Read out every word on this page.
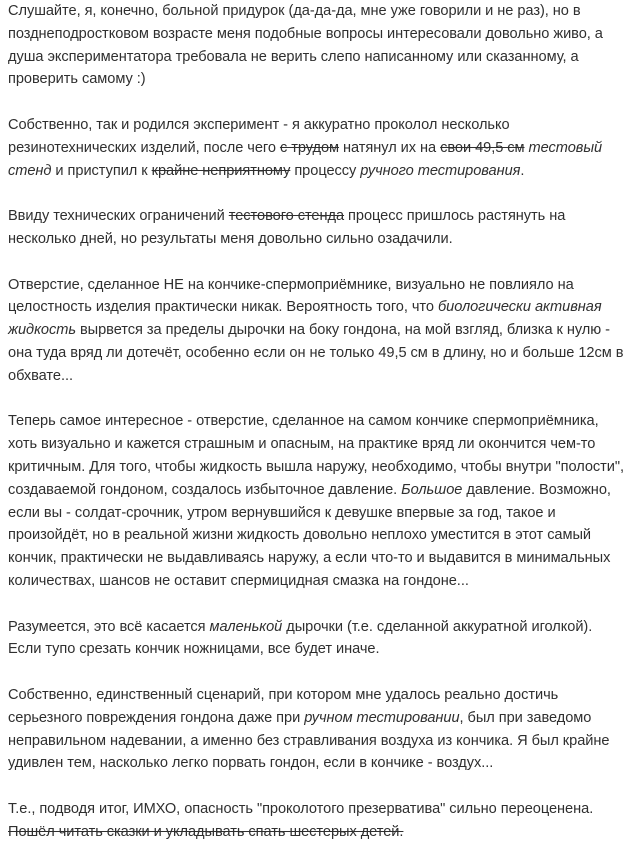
Слушайте, я, конечно, больной придурок (да-да-да, мне уже говорили и не раз), но в позднеподростковом возрасте меня подобные вопросы интересовали довольно живо, а душа экспериментатора требовала не верить слепо написанному или сказанному, а проверить самому :)

Собственно, так и родился эксперимент - я аккуратно проколол несколько резинотехнических изделий, после чего с трудом натянул их на свои 49,5 см тестовый стенд и приступил к крайне неприятному процессу ручного тестирования.

Ввиду технических ограничений тестового стенда процесс пришлось растянуть на несколько дней, но результаты меня довольно сильно озадачили.

Отверстие, сделанное НЕ на кончике-спермоприёмнике, визуально не повлияло на целостность изделия практически никак. Вероятность того, что биологически активная жидкость вырвется за пределы дырочки на боку гондона, на мой взгляд, близка к нулю - она туда вряд ли дотечёт, особенно если он не только 49,5 см в длину, но и больше 12см в обхвате...

Теперь самое интересное - отверстие, сделанное на самом кончике спермоприёмника, хоть визуально и кажется страшным и опасным, на практике вряд ли окончится чем-то критичным. Для того, чтобы жидкость вышла наружу, необходимо, чтобы внутри "полости", создаваемой гондоном, создалось избыточное давление. Большое давление. Возможно, если вы - солдат-срочник, утром вернувшийся к девушке впервые за год, такое и произойдёт, но в реальной жизни жидкость довольно неплохо уместится в этот самый кончик, практически не выдавливаясь наружу, а если что-то и выдавится в минимальных количествах, шансов не оставит спермицидная смазка на гондоне...

Разумеется, это всё касается маленькой дырочки (т.е. сделанной аккуратной иголкой). Если тупо срезать кончик ножницами, все будет иначе.

Собственно, единственный сценарий, при котором мне удалось реально достичь серьезного повреждения гондона даже при ручном тестировании, был при заведомо неправильном надевании, а именно без стравливания воздуха из кончика. Я был крайне удивлен тем, насколько легко порвать гондон, если в кончике - воздух...

Т.е., подводя итог, ИМХО, опасность "проколотого презерватива" сильно переоценена. Пошёл читать сказки и укладывать спать шестерых детей.
